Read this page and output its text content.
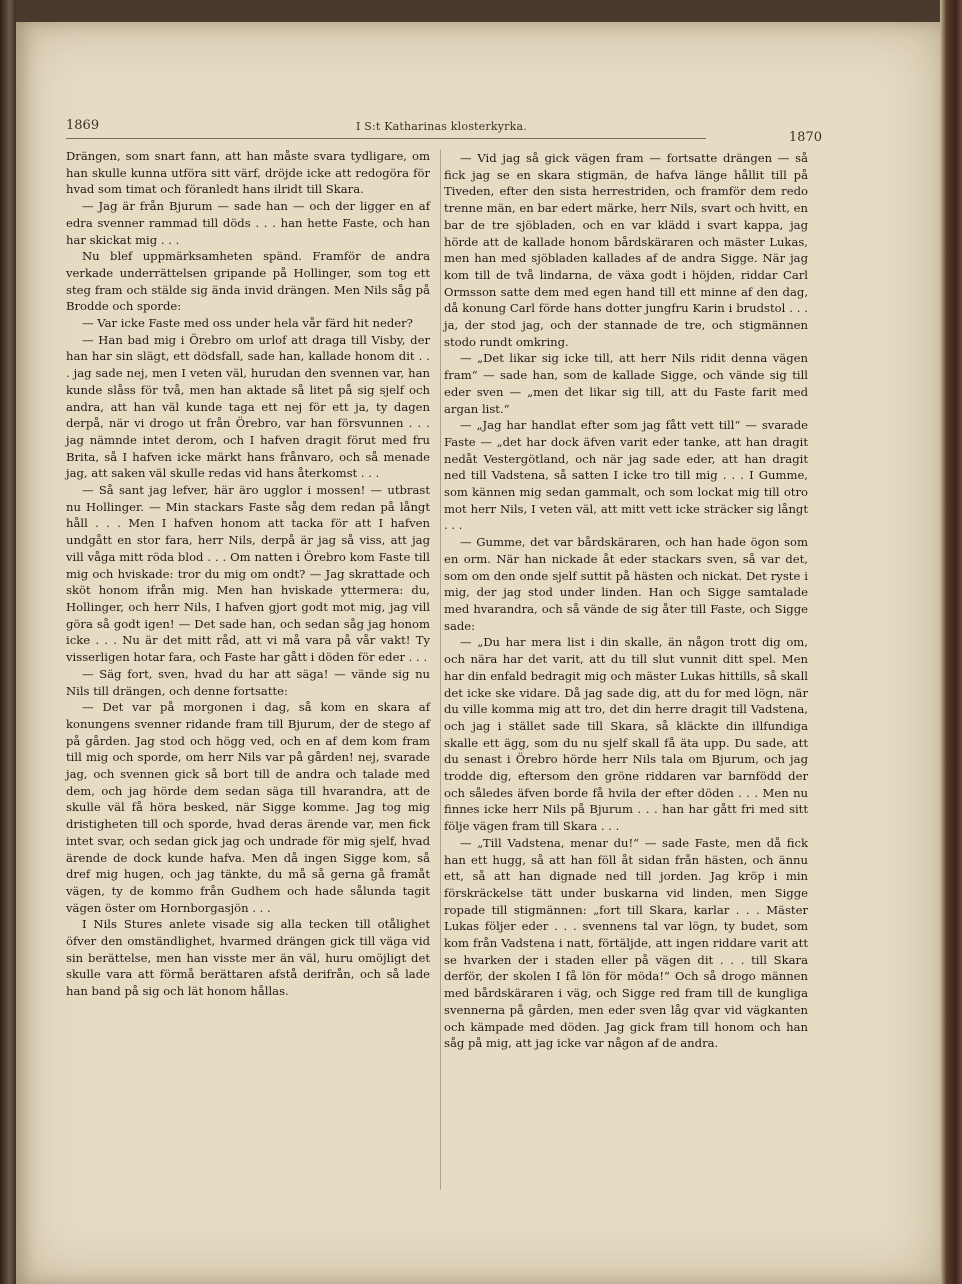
1869	I S:t Katharinas klosterkyrka.
1870

Drängen, som snart fann, att han måste svara tydligare, om han skulle kunna utföra sitt värf, dröjde icke att redogöra för hvad som timat och föranledt hans ilridt till Skara.

— Jag är från Bjurum — sade han — och der ligger en af edra svenner rammad till döds . . . han hette Faste, och han har skickat mig . . .

Nu blef uppmärksamheten spänd. Framför de andra verkade underrättelsen gripande på Hollinger, som tog ett steg fram och stälde sig ända invid drängen. Men Nils såg på Brodde och sporde:

— Var icke Faste med oss under hela vår färd hit neder?

— Han bad mig i Örebro om urlof att draga till Visby, der han har sin slägt, ett dödsfall, sade han, kallade honom dit . . . jag sade nej, men I veten väl, hurudan den svennen var, han kunde slåss för två, men han aktade så litet på sig sjelf och andra, att han väl kunde taga ett nej för ett ja, ty dagen derpå, när vi drogo ut från Örebro, var han försvunnen . . . jag nämnde intet derom, och I hafven dragit förut med fru Brita, så I hafven icke märkt hans frånvaro, och så menade jag, att saken väl skulle redas vid hans återkomst . . .

— Så sant jag lefver, här äro ugglor i mossen! — utbrast nu Hollinger. — Min stackars Faste såg dem redan på långt håll . . . Men I hafven honom att tacka för att I hafven undgått en stor fara, herr Nils, derpå är jag så viss, att jag vill våga mitt röda blod . . . Om natten i Örebro kom Faste till mig och hviskade: tror du mig om ondt? — Jag skrattade och sköt honom ifrån mig. Men han hviskade yttermera: du, Hollinger, och herr Nils, I hafven gjort godt mot mig, jag vill göra så godt igen! — Det sade han, och sedan såg jag honom icke . . . Nu är det mitt råd, att vi må vara på vår vakt! Ty visserligen hotar fara, och Faste har gått i döden för eder . . .

— Säg fort, sven, hvad du har att säga! — vände sig nu Nils till drängen, och denne fortsatte:

— Det var på morgonen i dag, så kom en skara af konungens svenner ridande fram till Bjurum, der de stego af på gården. Jag stod och högg ved, och en af dem kom fram till mig och sporde, om herr Nils var på gården! nej, svarade jag, och svennen gick så bort till de andra och talade med dem, och jag hörde dem sedan säga till hvarandra, att de skulle väl få höra besked, när Sigge komme. Jag tog mig dristigheten till och sporde, hvad deras ärende var, men fick intet svar, och sedan gick jag och undrade för mig sjelf, hvad ärende de dock kunde hafva. Men då ingen Sigge kom, så dref mig hugen, och jag tänkte, du må så gerna gå framåt vägen, ty de kommo från Gudhem och hade sålunda tagit vägen öster om Hornborgasjön . . .

I Nils Stures anlete visade sig alla tecken till otålighet öfver den omständlighet, hvarmed drängen gick till väga vid sin berättelse, men han visste mer än väl, huru omöjligt det skulle vara att förmå berättaren afstå derifrån, och så lade han band på sig och lät honom hållas.

— Vid jag så gick vägen fram — fortsatte drängen — så fick jag se en skara stigmän, de hafva länge hållit till på Tiveden, efter den sista herrestriden, och framför dem redo trenne män, en bar edert märke, herr Nils, svart och hvitt, en bar de tre sjöbladen, och en var klädd i svart kappa, jag hörde att de kallade honom bårdskäraren och mäster Lukas, men han med sjöbladen kallades af de andra Sigge. När jag kom till de två lindarna, de växa godt i höjden, riddar Carl Ormsson satte dem med egen hand till ett minne af den dag, då konung Carl förde hans dotter jungfru Karin i brudstol . . . ja, der stod jag, och der stannade de tre, och stigmännen stodo rundt omkring.

— „Det likar sig icke till, att herr Nils ridit denna vägen fram“ — sade han, som de kallade Sigge, och vände sig till eder sven — „men det likar sig till, att du Faste farit med argan list.“

— „Jag har handlat efter som jag fått vett till“ — svarade Faste — „det har dock äfven varit eder tanke, att han dragit nedåt Vestergötland, och när jag sade eder, att han dragit ned till Vadstena, så satten I icke tro till mig . . . I Gumme, som kännen mig sedan gammalt, och som lockat mig till otro mot herr Nils, I veten väl, att mitt vett icke sträcker sig långt . . .

— Gumme, det var bårdskäraren, och han hade ögon som en orm. När han nickade åt eder stackars sven, så var det, som om den onde sjelf suttit på hästen och nickat. Det ryste i mig, der jag stod under linden. Han och Sigge samtalade med hvarandra, och så vände de sig åter till Faste, och Sigge sade:

— „Du har mera list i din skalle, än någon trott dig om, och nära har det varit, att du till slut vunnit ditt spel. Men har din enfald bedragit mig och mäster Lukas hittills, så skall det icke ske vidare. Då jag sade dig, att du for med lögn, när du ville komma mig att tro, det din herre dragit till Vadstena, och jag i stället sade till Skara, så kläckte din illfundiga skalle ett ägg, som du nu sjelf skall få äta upp. Du sade, att du senast i Örebro hörde herr Nils tala om Bjurum, och jag trodde dig, eftersom den gröne riddaren var barnfödd der och således äfven borde få hvila der efter döden . . . Men nu finnes icke herr Nils på Bjurum . . . han har gått fri med sitt följe vägen fram till Skara . . .

— „Till Vadstena, menar du!“ — sade Faste, men då fick han ett hugg, så att han föll åt sidan från hästen, och ännu ett, så att han dignade ned till jorden. Jag kröp i min förskräckelse tätt under buskarna vid linden, men Sigge ropade till stigmännen: „fort till Skara, karlar . . . Mäster Lukas följer eder . . . svennens tal var lögn, ty budet, som kom från Vadstena i natt, förtäljde, att ingen riddare varit att se hvarken der i staden eller på vägen dit . . . till Skara derför, der skolen I få lön för möda!“ Och så drogo männen med bårdskäraren i väg, och Sigge red fram till de kungliga svennerna på gården, men eder sven låg qvar vid vägkanten och kämpade med döden. Jag gick fram till honom och han såg på mig, att jag icke var någon af de andra.
